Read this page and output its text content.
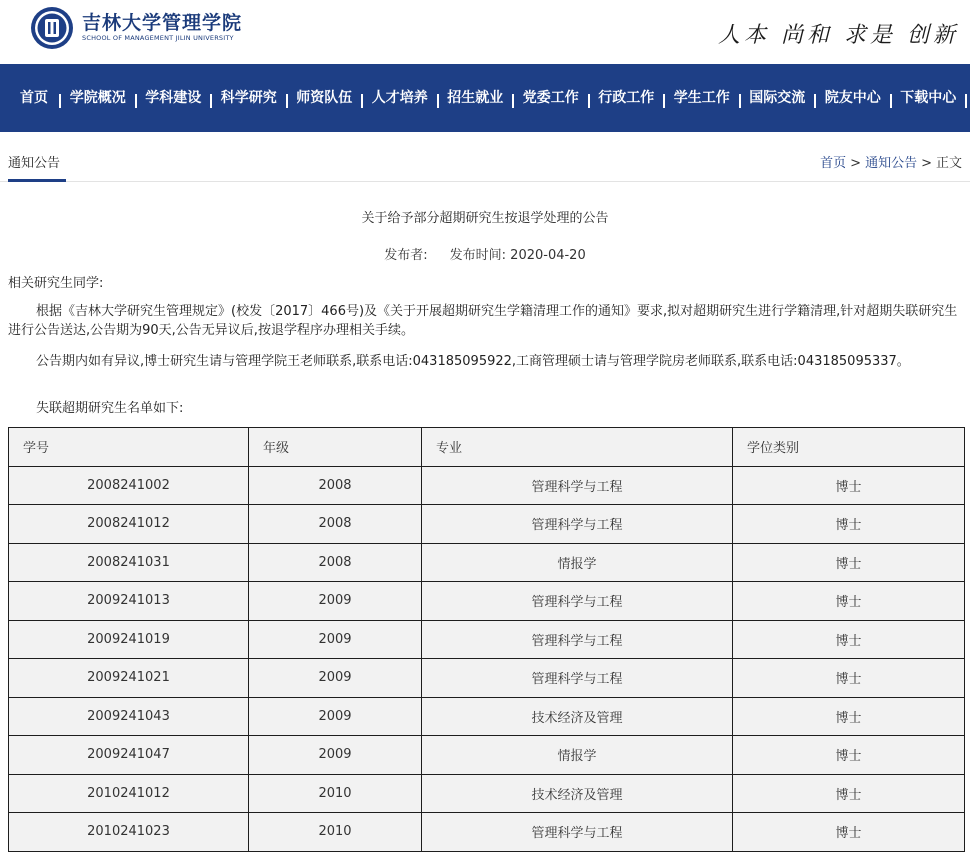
吉林大学管理学院
SCHOOL OF MANAGEMENT JILIN UNIVERSITY	人本 尚和 求是 创新
首页	学院概况 学科建设 科学研究 师资队伍 人才培养 招生就业 党委工作 行政工作 学生工作 国际交流 院友中心 下载中心
通知公告	首页 > 通知公告 > 正文
关于给予部分超期研究生按退学处理的公告
发布者: 发布时间: 2020-04-20
相关研究生同学:
根据《吉林大学研究生管理规定》(校发〔2017〕466号)及《关于开展超期研究生学籍清理工作的通知》要求,拟对超期研究生进行学籍清理,针对超期失联研究生进行公告送达,公告期为90天,公告无异议后,按退学程序办理相关手续。
公告期内如有异议,博士研究生请与管理学院王老师联系,联系电话:043185095922,工商管理硕士请与管理学院房老师联系,联系电话:043185095337。
失联超期研究生名单如下:
学号	年级	专业	学位类别
2008241002	2008	管理科学与工程	博士
2008241012	2008	管理科学与工程	博士
2008241031	2008	情报学	博士
2009241013	2009	管理科学与工程	博士
2009241019	2009	管理科学与工程	博士
2009241021	2009	管理科学与工程	博士
2009241043	2009	技术经济及管理	博士
2009241047	2009	情报学	博士
2010241012	2010	技术经济及管理	博士
2010241023	2010	管理科学与工程	博士
